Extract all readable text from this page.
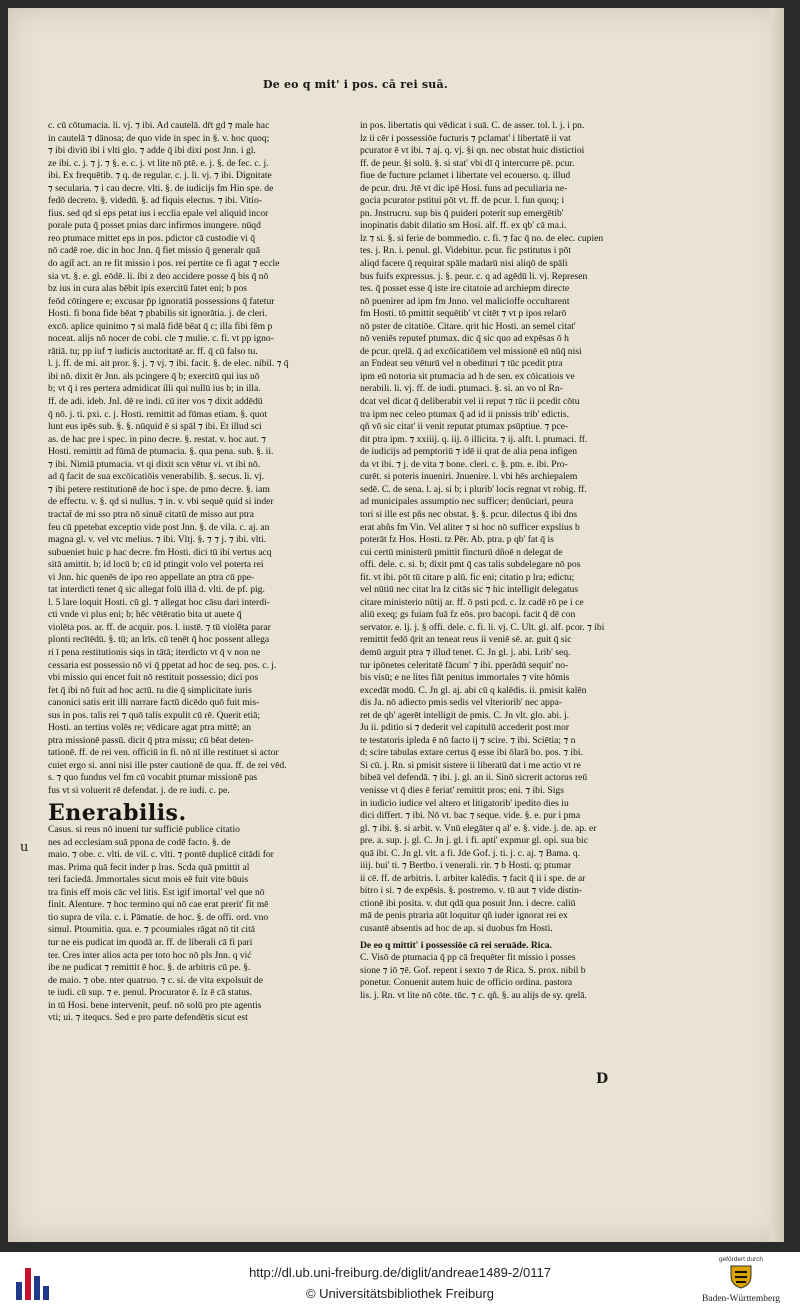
De eo q mit' i pos. cā rei suā.
u

c. cū cōtumacia. li. vj. ⁊ ibi. Ad cautelā. dr̄t gd ⁊ male hac

in cautelā ⁊ dānosa; de quo vide in spec in §. v. hoc quoq;

⁊ ibi diviū ibi i vlti glo. ⁊ adde q̄ ibi dixi post Jnn. i gl.

ze ibi. c. j. ⁊ j. ⁊ §. e. c. j. vt lite nō ptē. e. j. §. de fec. c. j.

ibi. Ex frequētib. ⁊ q. de regular. c. j. li. vj. ⁊ ibi. Dignitate

⁊ secularia. ⁊ i cau decre. vlti. §. de iudicijs fm Hin spe. de

fedō decreto. §. videdū. §. ad fiquis electus. ⁊ ibi. Vitio-

fius. sed qd si eps petat ius i ecclia epale vel aliquid incor

porale puta q̄ posset pnias darc infirmos inungere. nūqd

reo ptumace mittet eps in pos. pdictor cā custodie vi q̄

nō cadē roe. dic in hoc Jnn. q̄ fiet missio q̄ generalr quā

do agit̄ act. an re fit missio i pos. rei pertite ce fi agat ⁊ eccle

sia vt. §. e. gl. eōdē. li. ibi z deo accidere posse q̄ bis q̄ nō

bz ius in cura alas bēbit ipis exercitū fatet eni; b pos

feōd cōtingere e; excusar p̄p ignoratiā possessions q̄ fatetur

Hosti. fi bona fide bēat ⁊ pbabilis sit ignorātia. j. de cleri.

excō. aplice quinimo ⁊ si malā fidē bēat q̄ c; illa fibi fēm p

noceat. alijs nō nocer de cobi. cle ⁊ mulie. c. fi. vt pp igno-

rātiā. tu; pp iuf ⁊ iudicis auctoritatē ar. ff. q̄ cū falso tu.

l. j. ff. de mi. ait pror. §. j. ⁊ vj. ⁊ ibi. facit. §. de elec. nibil. ⁊ q̄

ibi nō. dixit ēr Jnn. als pcingere q̄ b; exercitū qui ius nō

b; vt q̄ i res pertera admidicat illi qui nullū ius b; in illa.

ff. de adi. ideb. Jnl. dē re indi. cū iter vos ⁊ dixit addēdū

q̄ nō. j. ti. pxi. c. j. Hosti. remittit ad fūmas etiam. §. quot

lunt eus ipēs sub. §. §. nūquid ē si spāl ⁊ ibi. Et illud sci

as. de hac pre i spec. in pino decre. §. restat. v. hoc aut. ⁊

Hosti. remittit ad fūmā de ptumacia. §. qua pena. sub. §. ii.

⁊ ibi. Nimiā ptumacia. vt qi dixit scn vētur vi. vt ibi nō.

ad q̄ facit de sua excōicatiōis venerabilib. §. secus. li. vj.

⁊ ibi petere restitutionē de hoc i spe. de pmo decre. §. iam

de effectu. v. §. qd si nullus. ⁊ in. v. vbi sequē quid si inder

tractat̄ de mi sso ptra nō sinuē citatū de misso aut ptra

feu cū ppetebat exceptio vide post Jnn. §. de vila. c. aj. an

magna gl. v. vel vtc melius. ⁊ ibi. Vltj. §. ⁊ ⁊ j. ⁊ ibi. vlti.

subueniet huic p hac decre. fm Hosti. dici tū ibi vertus acq

sitā amittit. b; id locū b; cū id ptingit volo vel poterta rei

vi Jnn. hic quenēs de ipo reo appellate an ptra cū ppe-

tat interdicti tenet q̄ sic allegat folū illā d. vlti. de pf. pig.

l. 5 lare loquit Hosti. cū gl. ⁊ allegat hoc cāsu dari interdi-

cti vnde vi plus eni; b; hēc vētēratio bita ut auete q̄

violēta pos. ar. ff. de acquir. pos. l. iustē. ⁊ tū violēta parar

plonti recītēdū. §. tū; an lrīs. cū tenēt q̄ hoc possent allega

ri ī pena restitutionis siqs in tātā; iterdicto vt q̄ v non ne

cessaria est possessio nō vi q̄ ppetat ad hoc de seq. pos. c. j.

vbi missio qui encet fuit nō restituit possessio; dici pos

fet q̄ ibi nō fuit ad hoc actū. tu die q̄ simplicitate iuris

canonici satis erit illi narrare factū dicēdo quō fuit mis-

sus in pos. talis rei ⁊ quō talis expulit cū rē. Querit etiā;

Hosti. an tertius volēs re; vēdicare agat ptra mittē; an

ptra missionē passū. dicit q̄ ptra missu; cū bēat deten-

tationē. ff. de rei ven. officiū in fi. nō nī ille restituet si actor

cuiet ergo si. anni nisi ille pster cautionē de qua. ff. de rei vēd.

s. ⁊ quo fundus vel fm cū vocabit ptumar missionē pas

fus vt si voluerit rē defendat. j. de re iudi. c. pe.

Enerabilis.

Casus. si reus nō inueni tur sufficiē publice citatio

nes ad ecclesiam suā ppona de codē facto. §. de

maio. ⁊ obe. c. vlti. de vil. c. vlti. ⁊ pontē duplicē citādi for

mas. Prima quā fecit inder p lras. Scda quā pmittit al

teri faciedā. Jmmortales sicut mois eē fuit vite būuis

tra finis eff mois cāc vel litis. Est igif imortal' vel que nō

finit. Alenture. ⁊ hoc termino qui nō cae erat prerit' fit mē

tio supra de vila. c. i. Pāmatie. de hoc. §. de offi. ord. vno

simul. Ptoumitia. qua. e. ⁊ pcoumiales rāgat nō tit citā

tur ne eis pudicat im quodā ar. ff. de liberali cā fi pari

ter. Cres inter alios acta per toto hoc nō pls Jnn. q vić

ibe ne pudicat ⁊ remittit ē hoc. §. de arbitris cū pe. §.

de maio. ⁊ obe. nter quatruo. ⁊ c. si. de vita expolsuit de

te iudi. cū sup. ⁊ e. penul. Procurator ē. lz ē cā status.

in tū Hosi. bene intervenit, peuf. nō solū pro pte agentis

vti; ui. ⁊ itequcs. Sed e pro parte defendētis sicut est

in pos. libertatis qui vēdicat i suā. C. de asser. tol. l. j. i pn.

lz ii cēr i possessiōe fucturis ⁊ pclamat' i libertatē ii vat

pcurator ē vt ibi. ⁊ aj. q. vj. §i qn. nec obstat huic distictioi

ff. de peur. §i solū. §. si stat' vbi dī q̄ intercurre pē. pcur.

fiue de fucture pclamet i libertate vel ecouerso. q. illud

de pcur. dru. Jtē vt dic ipē Hosi. funs ad peculiaria ne-

gocia pcurator pstitui pōt vt. ff. de pcur. l. fun quoq; i

pn. Jnstrucru. sup bis q̄ puideri poterit sup emergētib'

inopinatis dabit dilatio sm Hosi. alf. ff. ex qb' cā ma.i.

lz ⁊ si. §. si ferie de bommedio. c. fi. ⁊ fac q̄ no. de elec. cupien

tes. j. Rn. i. penul. gl. Videbitur. pcur. fic pstitutus i pōt

aliqd facere q̄ requirat spāle madarū nisi aliqō de spāli

bus fuifs expressus. j. §. peur. c. q ad agēdū li. vj. Represen

tes. q̄ posset esse q̄ iste ire citatoie ad archiepm directe

nō puenirer ad ipm fm Jnno. vel malicioffe occultarent

fm Hosti. tō pmittit sequētib' vt citēt ⁊ vt p ipos relarō

nō pster de citatiōe. Citare. qrit hic Hosti. an semel citat'

nō veniēs reputef ptumax. dic q̄ sic quo ad expēsas ō h

de pcur. qrelā. q̄ ad excōicatiōem vel missionē eū nūq̄ nisi

an Fndeat seu vēturū vel n obedituri ⁊ tūc pcedit ptra

ipm eū notoria sit ptumacia ad h de sen. ex cōicatiois ve

nerabili. li. vj. ff. de iudi. ptumaci. §. si. an vo nl Rn-

dcat vel dicat q̄ deliberabit vel ii reput ⁊ tūc ii pcedit cōtu

tra ipm nec celeo ptumax q̄ ad id ii pnissis trib' edictis.

qñ vō sic citat' ii venit reputat ptumax psūptiue. ⁊ pce-

dit ptra ipm. ⁊ xxiiij. q. iij. ō illicita. ⁊ ij. alft. l. ptumaci. ff.

de iudicijs ad pemptoriū ⁊ idē ii qrat de alia pena infigen

da vt ibi. ⁊ j. de vita ⁊ bone. cleri. c. §. ptn. e. ibi. Pro-

curēt. si poteris inueniri. Jnuenire. l. vbi hēs archiepalem

sedē. C. de sena. l. aj. si b; i plurib' locis regnat vt robig. ff.

ad municipales assumptio nec sufficer; denūciari, peura

tori si ille est pñs nec obstat. §. §. pcur. dilectus q̄ ibi dns

erat abñs fm Vin. Vel aliter ⁊ si hoc nō sufficer expslius b

poterāt fz Hos. Hosti. tz Pēr. Ab. ptra. p qb' fat q̄ is

cui certū ministerū pmittit fincturū dñoē n delegat de

offi. dele. c. si. b; dixit pmt q̄ cas talis subdelegare nō pos

fit. vt ibi. pōt tū citare p alū. fic eni; citatio p lra; edictu;

vel nūtiū nec citat lra lz citās sic ⁊ hic intelligit delegatus

citare ministerio nūtij ar. ff. ō psti pcd. c. lz cadē rō pe i ce

aliū exeq; gs fuiam fuā fz eōs. pro bacopi. facit q̄ dē con

servator. e. lj. j. § offi. dele. c. fi. li. vj. C. Ult. gl. alf. pcor. ⁊ ibi

remittit fedō q̄rit an teneat reus ii veniē sē. ar. guit q̄ sic

demū arguit ptra ⁊ illud tenet. C. Jn gl. j. abi. Lrib' seq.

tur ipōnetes celeritatē fācum' ⁊ ibi. pperādū sequit' no-

bis visū; e ne lites fiāt penitus immortales ⁊ vite hōmis

excedāt modū. C. Jn gl. aj. abi cū q kalēdis. ii. pmisit kalēn

dis Ja. nō adiecto pmis sedis vel vlteriorib' nec appa-

ret de qb' agerēt intelligit de pmis. C. Jn vlt. glo. abi. j.

Ju ii. pditio si ⁊ dederit vel capitulū accederit post mor

te testatoris ipleda ē nō facto ij ⁊ scire. ⁊ ibi. Sciētia; ⁊ n

d; scire tabulas extare certus q̄ esse ibi ōlarā bo. pos. ⁊ ibi.

Si cū. j. Rn. si pmisit sistere ii liberatū dat i me actio vt re

bibeā vel defendā. ⁊ ibi. j. gl. an ii. Sinō sicrerit actorus reū

venisse vt q̄ dies ē feriat' remittit pros; eni. ⁊ ibi. Sigs

in iudicio iudice vel altero et litigatorib' ipedito dies iu

dici differt. ⁊ ibi. Nō vt. bac ⁊ seque. vide. §. e. pur i pma

gl. ⁊ ibi. §. si arbit. v. Vnū elegāter q al' e. §. vide. j. de. ap. er

pre. a. sup. j. gl. C. Jn j. gl. i fi. apti' expmur gl. opi. sua bic

quā ibi. C. Jn gl. vlt. a fi. Jde Gof. j. ti. j. c. aj. ⁊ Bama. q.

iiij. bui' ti. ⁊ Bertbo. i venerali. rir. ⁊ b Hosti. q; ptumar

ii cē. ff. de arbitris. l. arbiter kalēdis. ⁊ facit q̄ ii i spe. de ar

bitro i si. ⁊ de expēsis. §. postremo. v. tū aut ⁊ vide distin-

ctionē ibi posita. v. dut qdā qua posuit Jnn. i decre. caliū

mā de penis ptraria aūt loquitur qñ iuder ignorat rei ex

cusantē absentis ad hoc de ap. si duobus fm Hosti.

De eo q mittit' i possessiōe cā rei seruāde. Rica.

C. Visō de ptumacia q̄ pp cā frequēter fit missio i posses

sione ⁊ iō ⁊ē. Gof. repent i sexto ⁊ de Rica. S. prox. nibil b

ponetur. Conuenit autem huic de officio ordina. pastora

lis. j. Rn. vt lite nō cōte. tūc. ⁊ c. qñ. §. au alijs de sy. qrelā.

D
http://dl.ub.uni-freiburg.de/diglit/andreae1489-2/0117
© Universitätsbibliothek Freiburg
gefördert durch
Baden-Württemberg
